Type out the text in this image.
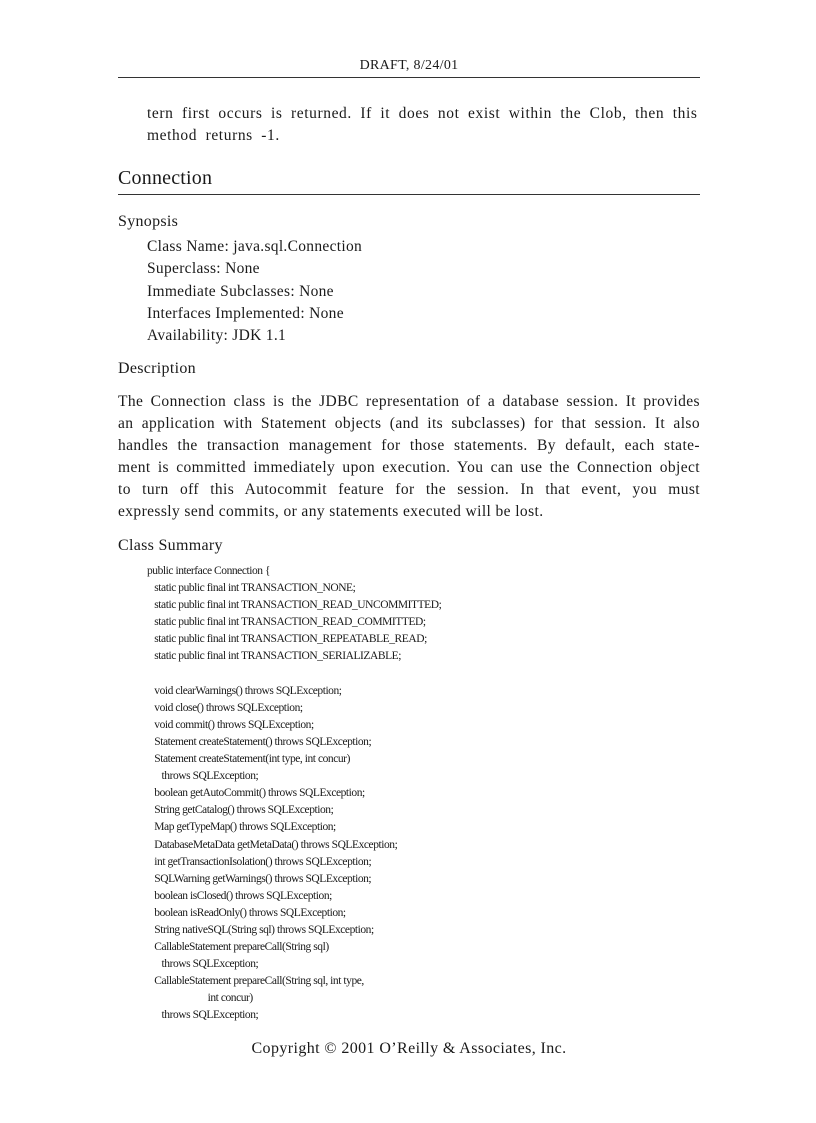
DRAFT, 8/24/01
tern first occurs is returned. If it does not exist within the Clob, then this
method returns -1.
Connection
Synopsis
Class Name: java.sql.Connection
Superclass: None
Immediate Subclasses: None
Interfaces Implemented: None
Availability: JDK 1.1
Description
The Connection class is the JDBC representation of a database session. It provides
an application with Statement objects (and its subclasses) for that session. It also
handles the transaction management for those statements. By default, each state-
ment is committed immediately upon execution. You can use the Connection object
to turn off this Autocommit feature for the session. In that event, you must
expressly send commits, or any statements executed will be lost.
Class Summary
public interface Connection {
static public final int TRANSACTION_NONE;
static public final int TRANSACTION_READ_UNCOMMITTED;
static public final int TRANSACTION_READ_COMMITTED;
static public final int TRANSACTION_REPEATABLE_READ;
static public final int TRANSACTION_SERIALIZABLE;
void clearWarnings() throws SQLException;
void close() throws SQLException;
void commit() throws SQLException;
Statement createStatement() throws SQLException;
Statement createStatement(int type, int concur)
throws SQLException;
boolean getAutoCommit() throws SQLException;
String getCatalog() throws SQLException;
Map getTypeMap() throws SQLException;
DatabaseMetaData getMetaData() throws SQLException;
int getTransactionIsolation() throws SQLException;
SQLWarning getWarnings() throws SQLException;
boolean isClosed() throws SQLException;
boolean isReadOnly() throws SQLException;
String nativeSQL(String sql) throws SQLException;
CallableStatement prepareCall(String sql)
throws SQLException;
CallableStatement prepareCall(String sql, int type,
int concur)
throws SQLException;
Copyright © 2001 O’Reilly & Associates, Inc.
